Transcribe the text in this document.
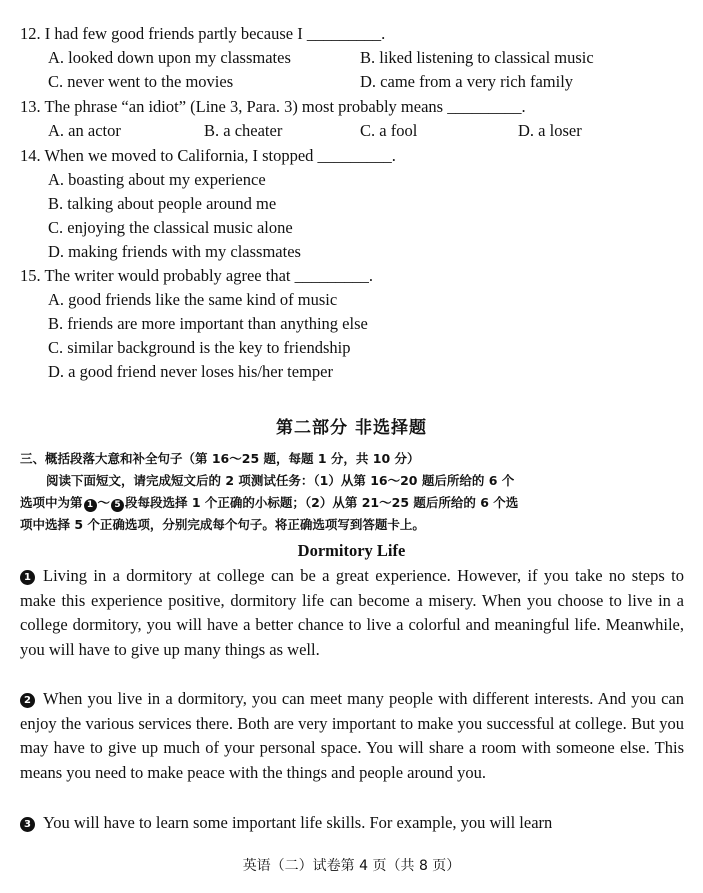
12. I had few good friends partly because I _________.
A. looked down upon my classmates	B. liked listening to classical music
C. never went to the movies	D. came from a very rich family
13. The phrase “an idiot” (Line 3, Para. 3) most probably means _________.
A. an actor	B. a cheater	C. a fool	D. a loser
14. When we moved to California, I stopped _________.
A. boasting about my experience
B. talking about people around me
C. enjoying the classical music alone
D. making friends with my classmates
15. The writer would probably agree that _________.
A. good friends like the same kind of music
B. friends are more important than anything else
C. similar background is the key to friendship
D. a good friend never loses his/her temper
第二部分 非选择题
三、概括段落大意和补全句子（第 16～25 题，每题 1 分，共 10 分）
阅读下面短文，请完成短文后的 2 项测试任务：（1）从第 16～20 题后所给的 6 个
选项中为第 1 ～ 5 段每段选择 1 个正确的小标题；（2）从第 21～25 题后所给的 6 个选
项中选择 5 个正确选项，分别完成每个句子。将正确选项写到答题卡上。
Dormitory Life
1 Living in a dormitory at college can be a great experience. However, if you take no steps to make this experience positive, dormitory life can become a misery. When you choose to live in a college dormitory, you will have a better chance to live a colorful and meaningful life. Meanwhile, you will have to give up many things as well.
2 When you live in a dormitory, you can meet many people with different interests. And you can enjoy the various services there. Both are very important to make you successful at college. But you may have to give up much of your personal space. You will share a room with someone else. This means you need to make peace with the things and people around you.
3 You will have to learn some important life skills. For example, you will learn
英语（二）试卷第 4 页（共 8 页）
